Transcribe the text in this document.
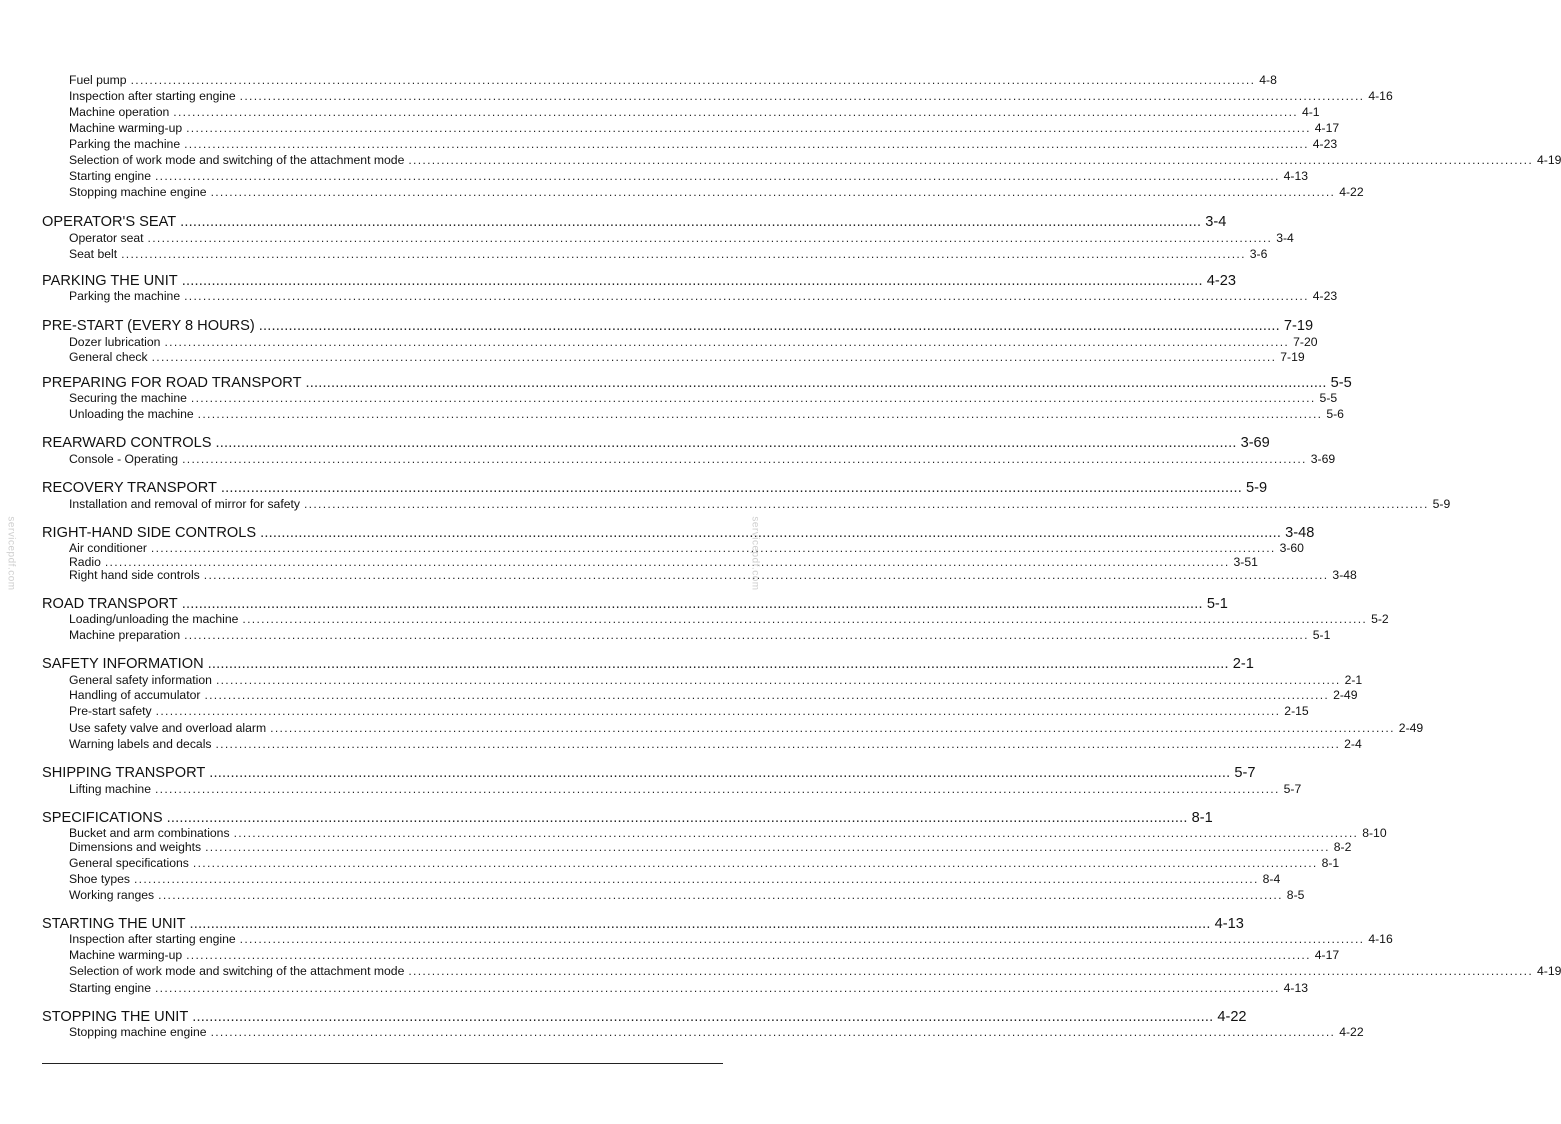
Fuel pump ................................................................................................................................................................................................................................................ 4-8
Inspection after starting engine ................................................................................................................................................................................................................................................ 4-16
Machine operation ................................................................................................................................................................................................................................................ 4-1
Machine warming-up ................................................................................................................................................................................................................................................ 4-17
Parking the machine ................................................................................................................................................................................................................................................ 4-23
Selection of work mode and switching of the attachment mode ................................................................................................................................................................................................................................................ 4-19
Starting engine ................................................................................................................................................................................................................................................ 4-13
Stopping machine engine ................................................................................................................................................................................................................................................ 4-22
OPERATOR'S SEAT ................................................................................................................................................................................................................................................ 3-4
Operator seat ................................................................................................................................................................................................................................................ 3-4
Seat belt ................................................................................................................................................................................................................................................ 3-6
PARKING THE UNIT ................................................................................................................................................................................................................................................ 4-23
Parking the machine ................................................................................................................................................................................................................................................ 4-23
PRE-START (EVERY 8 HOURS) ................................................................................................................................................................................................................................................ 7-19
Dozer lubrication ................................................................................................................................................................................................................................................ 7-20
General check ................................................................................................................................................................................................................................................ 7-19
PREPARING FOR ROAD TRANSPORT ................................................................................................................................................................................................................................................ 5-5
Securing the machine ................................................................................................................................................................................................................................................ 5-5
Unloading the machine ................................................................................................................................................................................................................................................ 5-6
REARWARD CONTROLS ................................................................................................................................................................................................................................................ 3-69
Console - Operating ................................................................................................................................................................................................................................................ 3-69
RECOVERY TRANSPORT ................................................................................................................................................................................................................................................ 5-9
Installation and removal of mirror for safety ................................................................................................................................................................................................................................................ 5-9
RIGHT-HAND SIDE CONTROLS ................................................................................................................................................................................................................................................ 3-48
Air conditioner ................................................................................................................................................................................................................................................ 3-60
Radio ................................................................................................................................................................................................................................................ 3-51
Right hand side controls ................................................................................................................................................................................................................................................ 3-48
ROAD TRANSPORT ................................................................................................................................................................................................................................................ 5-1
Loading/unloading the machine ................................................................................................................................................................................................................................................ 5-2
Machine preparation ................................................................................................................................................................................................................................................ 5-1
SAFETY INFORMATION ................................................................................................................................................................................................................................................ 2-1
General safety information ................................................................................................................................................................................................................................................ 2-1
Handling of accumulator ................................................................................................................................................................................................................................................ 2-49
Pre-start safety ................................................................................................................................................................................................................................................ 2-15
Use safety valve and overload alarm ................................................................................................................................................................................................................................................ 2-49
Warning labels and decals ................................................................................................................................................................................................................................................ 2-4
SHIPPING TRANSPORT ................................................................................................................................................................................................................................................ 5-7
Lifting machine ................................................................................................................................................................................................................................................ 5-7
SPECIFICATIONS ................................................................................................................................................................................................................................................ 8-1
Bucket and arm combinations ................................................................................................................................................................................................................................................ 8-10
Dimensions and weights ................................................................................................................................................................................................................................................ 8-2
General specifications ................................................................................................................................................................................................................................................ 8-1
Shoe types ................................................................................................................................................................................................................................................ 8-4
Working ranges ................................................................................................................................................................................................................................................ 8-5
STARTING THE UNIT ................................................................................................................................................................................................................................................ 4-13
Inspection after starting engine ................................................................................................................................................................................................................................................ 4-16
Machine warming-up ................................................................................................................................................................................................................................................ 4-17
Selection of work mode and switching of the attachment mode ................................................................................................................................................................................................................................................ 4-19
Starting engine ................................................................................................................................................................................................................................................ 4-13
STOPPING THE UNIT ................................................................................................................................................................................................................................................ 4-22
Stopping machine engine ................................................................................................................................................................................................................................................ 4-22
servicepdf.com	servicepdf.com
